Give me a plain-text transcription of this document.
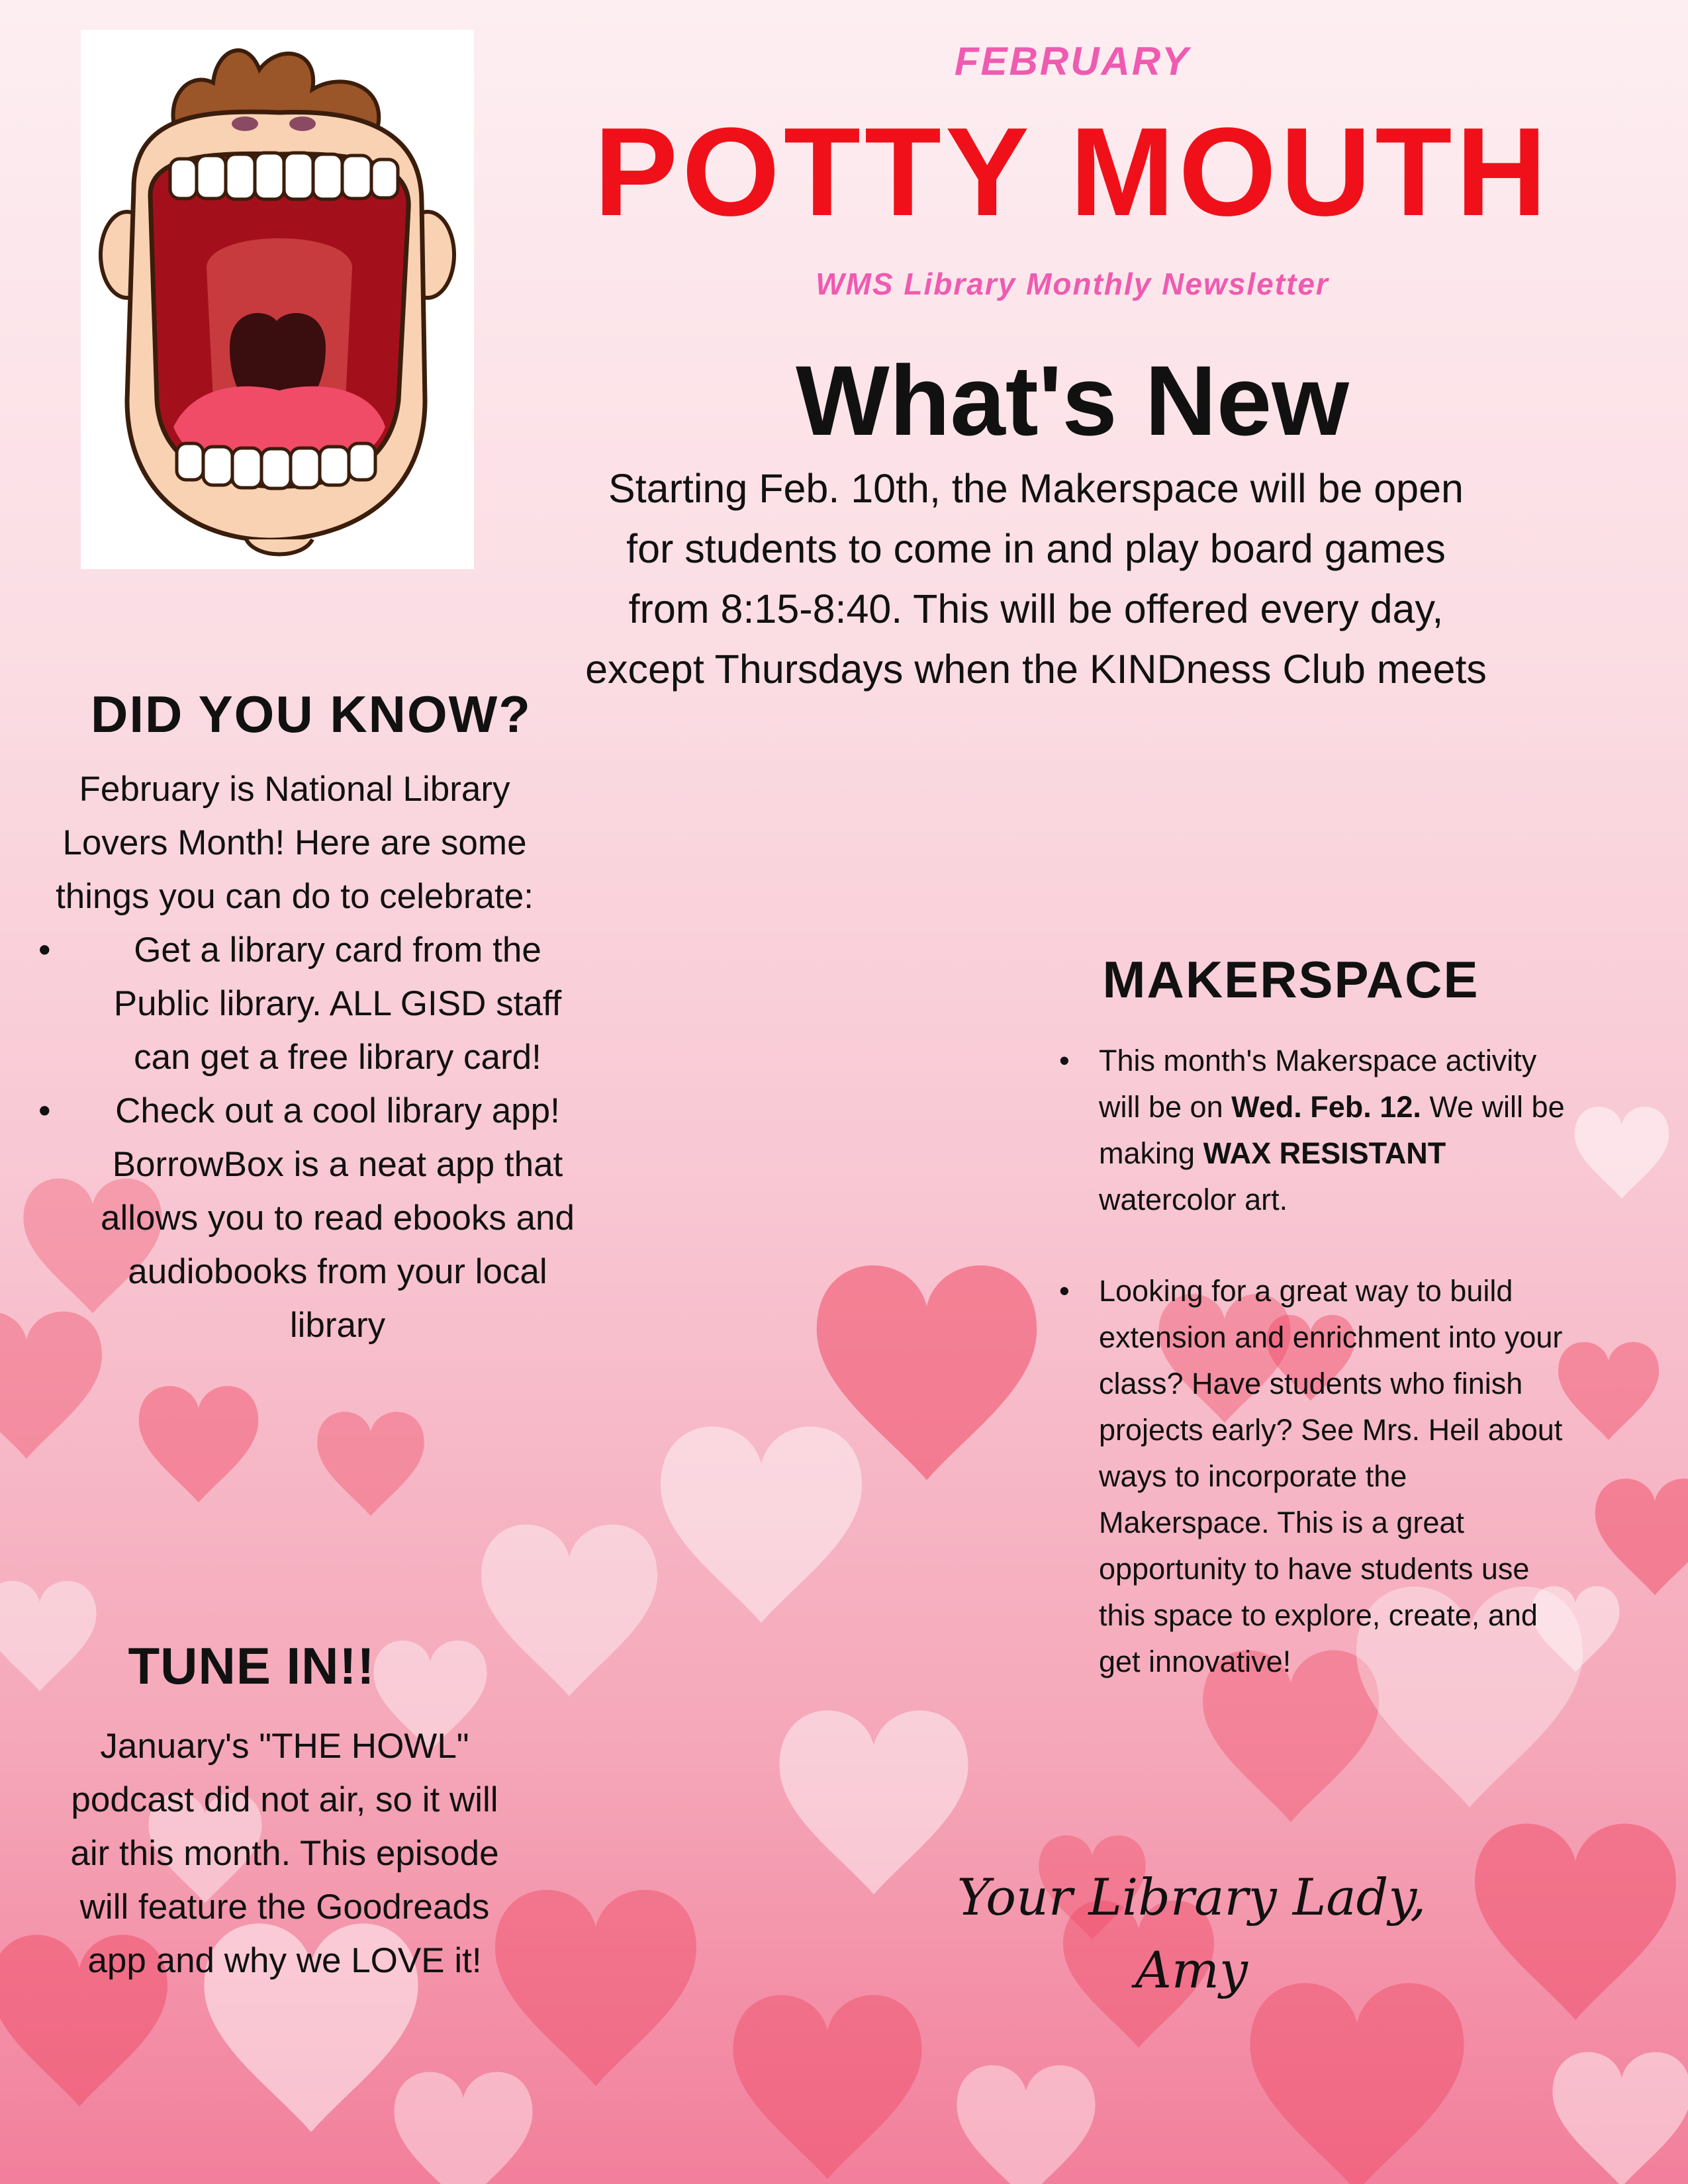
FEBRUARY
POTTY MOUTH
WMS Library Monthly Newsletter
What's New

Starting Feb. 10th, the Makerspace will be open for students to come in and play board games from 8:15-8:40. This will be offered every day, except Thursdays when the KINDness Club meets

DID YOU KNOW?

February is National Library Lovers Month! Here are some things you can do to celebrate:

• Get a library card from the Public library. ALL GISD staff can get a free library card!
• Check out a cool library app! BorrowBox is a neat app that allows you to read ebooks and audiobooks from your local library
MAKERSPACE
• This month's Makerspace activity will be on Wed. Feb. 12. We will be making WAX RESISTANT watercolor art.
• Looking for a great way to build extension and enrichment into your class? Have students who finish projects early? See Mrs. Heil about ways to incorporate the Makerspace. This is a great opportunity to have students use this space to explore, create, and get innovative!
TUNE IN!!

January's "THE HOWL" podcast did not air, so it will air this month. This episode will feature the Goodreads app and why we LOVE it!

Your Library Lady,
Amy
